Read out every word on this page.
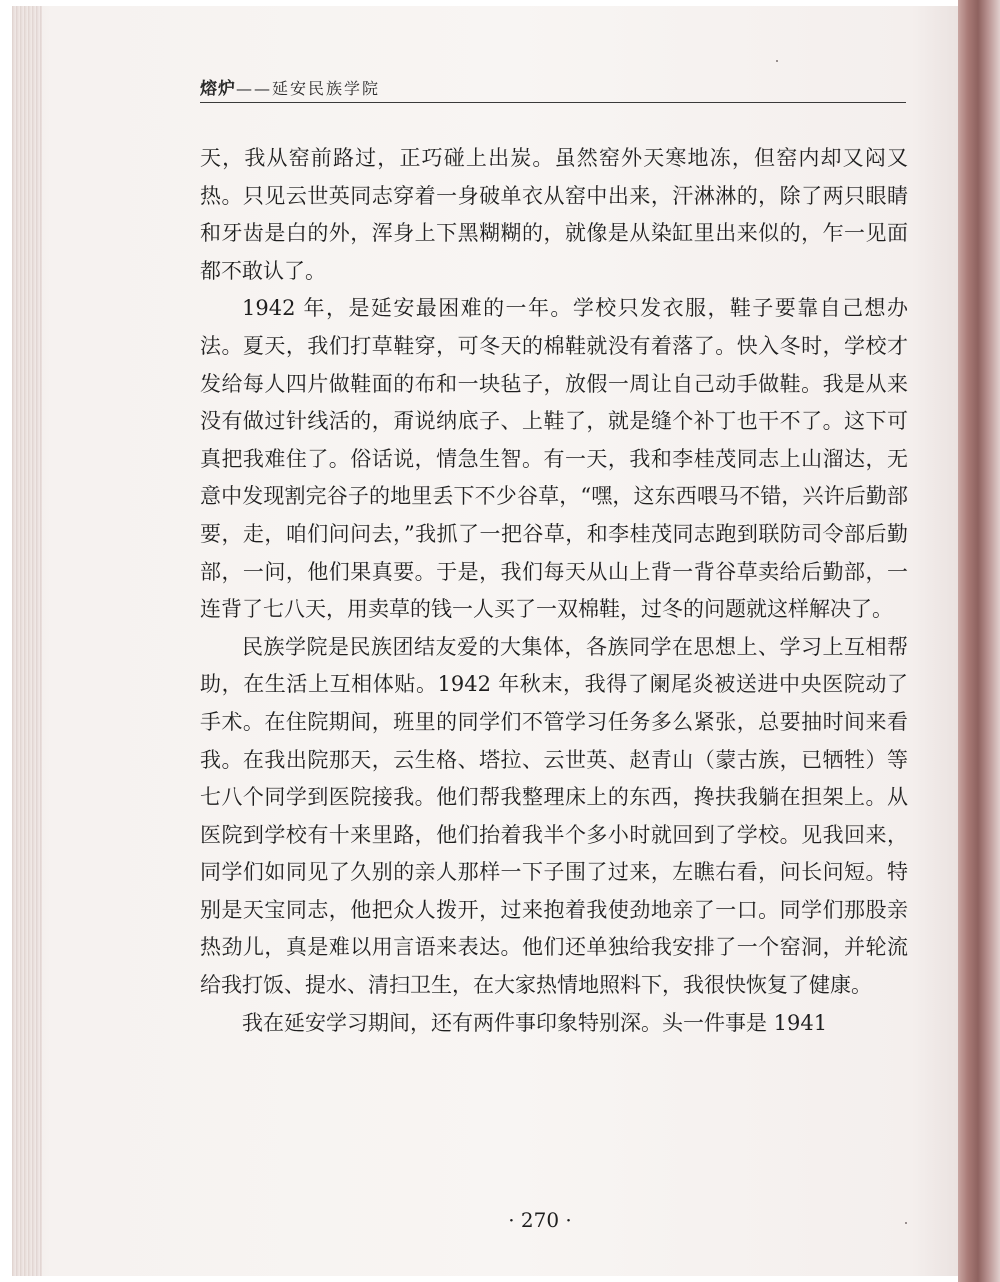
熔炉——延安民族学院

天，我从窑前路过，正巧碰上出炭。虽然窑外天寒地冻，但窑内却又闷又热。只见云世英同志穿着一身破单衣从窑中出来，汗淋淋的，除了两只眼睛和牙齿是白的外，浑身上下黑糊糊的，就像是从染缸里出来似的，乍一见面都不敢认了。

1942 年，是延安最困难的一年。学校只发衣服，鞋子要靠自己想办法。夏天，我们打草鞋穿，可冬天的棉鞋就没有着落了。快入冬时，学校才发给每人四片做鞋面的布和一块毡子，放假一周让自己动手做鞋。我是从来没有做过针线活的，甭说纳底子、上鞋了，就是缝个补丁也干不了。这下可真把我难住了。俗话说，情急生智。有一天，我和李桂茂同志上山溜达，无意中发现割完谷子的地里丢下不少谷草，“嘿，这东西喂马不错，兴许后勤部要，走，咱们问问去，”我抓了一把谷草，和李桂茂同志跑到联防司令部后勤部，一问，他们果真要。于是，我们每天从山上背一背谷草卖给后勤部，一连背了七八天，用卖草的钱一人买了一双棉鞋，过冬的问题就这样解决了。

民族学院是民族团结友爱的大集体，各族同学在思想上、学习上互相帮助，在生活上互相体贴。1942 年秋末，我得了阑尾炎被送进中央医院动了手术。在住院期间，班里的同学们不管学习任务多么紧张，总要抽时间来看我。在我出院那天，云生格、塔拉、云世英、赵青山（蒙古族，已牺牲）等七八个同学到医院接我。他们帮我整理床上的东西，搀扶我躺在担架上。从医院到学校有十来里路，他们抬着我半个多小时就回到了学校。见我回来，同学们如同见了久别的亲人那样一下子围了过来，左瞧右看，问长问短。特别是天宝同志，他把众人拨开，过来抱着我使劲地亲了一口。同学们那股亲热劲儿，真是难以用言语来表达。他们还单独给我安排了一个窑洞，并轮流给我打饭、提水、清扫卫生，在大家热情地照料下，我很快恢复了健康。

我在延安学习期间，还有两件事印象特别深。头一件事是 1941

· 270 ·
